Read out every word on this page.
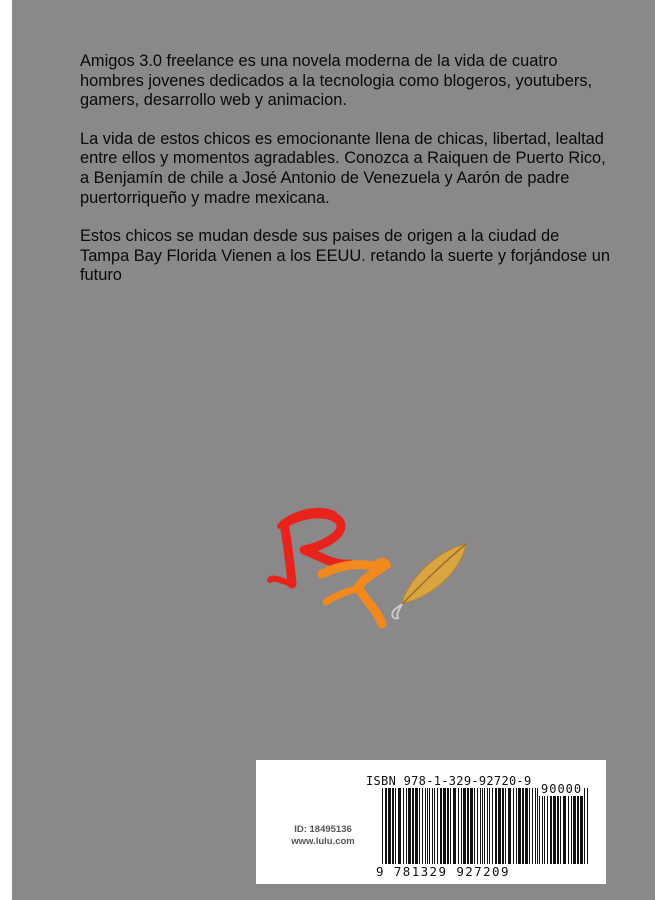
Amigos 3.0 freelance es una novela moderna de la vida de cuatro hombres jovenes dedicados a la tecnologia como blogeros, youtubers, gamers, desarrollo web y animacion.

La vida de estos chicos es emocionante llena de chicas, libertad, lealtad entre ellos y momentos agradables. Conozca a Raiquen de Puerto Rico, a Benjamín de chile a José Antonio de Venezuela y Aarón de padre puertorriqueño y madre mexicana.

Estos chicos se mudan desde sus paises de origen a la ciudad de Tampa Bay Florida Vienen a los EEUU. retando la suerte y forjándose un futuro

ISBN 978-1-329-92720-9
ID: 18495136
www.lulu.com
90000
9 781329 927209
